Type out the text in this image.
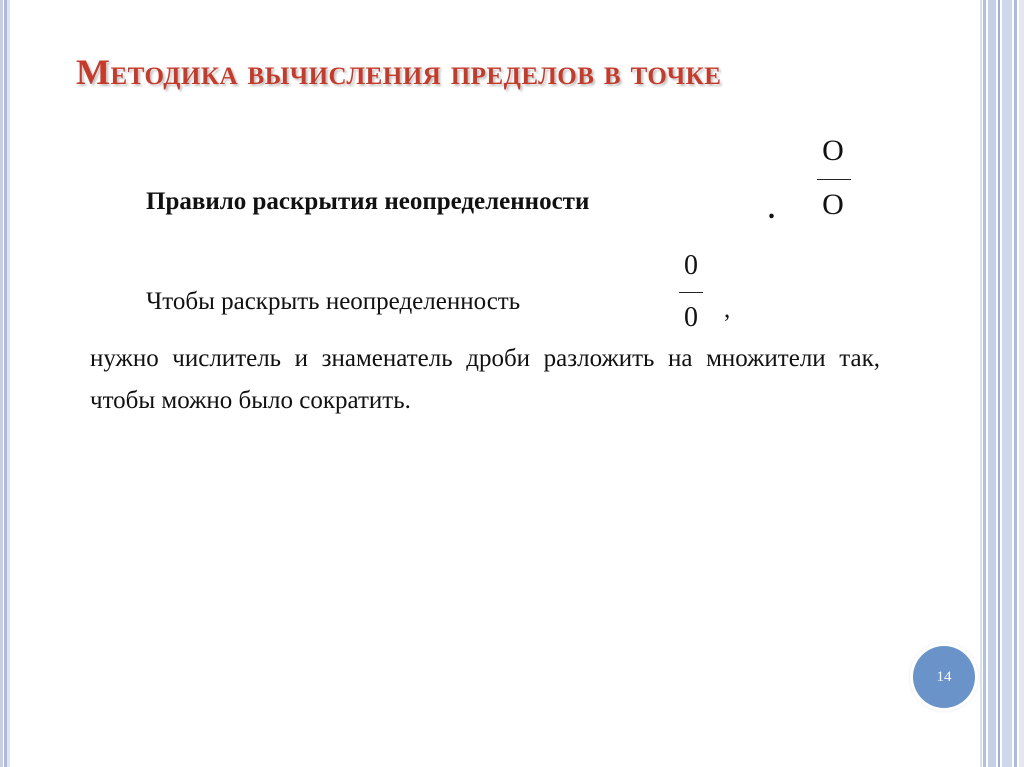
Методика вычисления пределов в точке
Правило раскрытия неопределенности	.
О
О
Чтобы раскрыть неопределенность
0
0	,
нужно числитель и знаменатель дроби разложить на множители так, чтобы можно было сократить.
14
